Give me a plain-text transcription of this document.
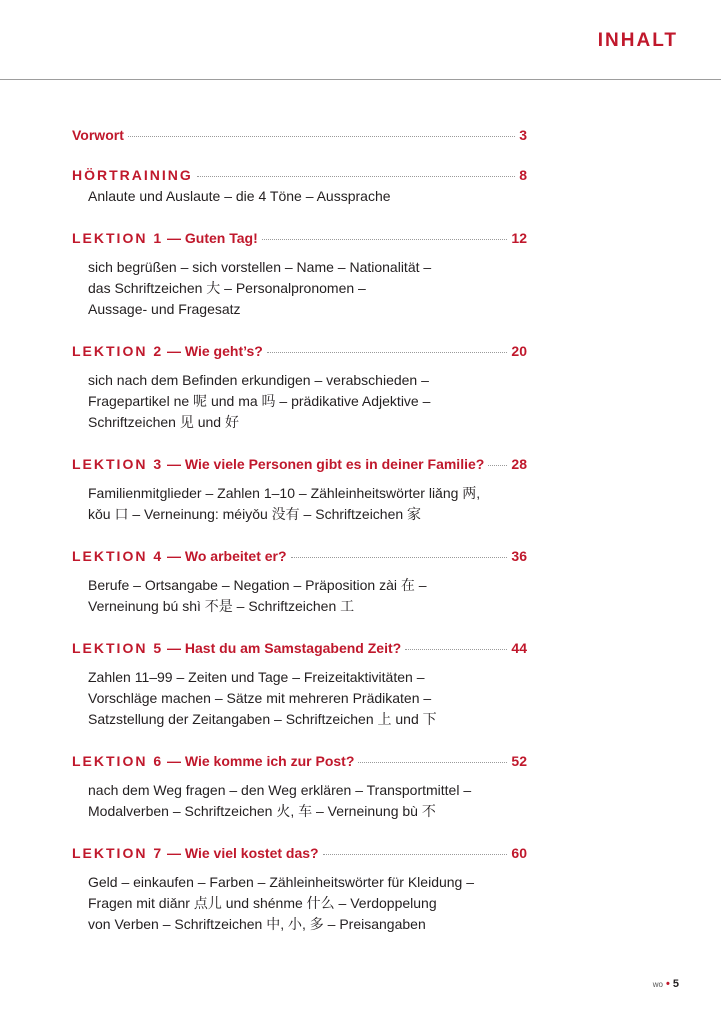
INHALT
Vorwort	3
HÖRTRAINING	8
Anlaute und Auslaute – die 4 Töne – Aussprache
LEKTION 1 — Guten Tag!	12
sich begrüßen – sich vorstellen – Name – Nationalität –
das Schriftzeichen 大 – Personalpronomen –
Aussage- und Fragesatz
LEKTION 2 — Wie geht’s?	20
sich nach dem Befinden erkundigen – verabschieden –
Fragepartikel ne 呢 und ma 吗 – prädikative Adjektive –
Schriftzeichen 见 und 好
LEKTION 3 — Wie viele Personen gibt es in deiner Familie? 28
Familienmitglieder – Zahlen 1–10 – Zähleinheitswörter liǎng 两,
kǒu 口 – Verneinung: méiyǒu 没有 – Schriftzeichen 家
LEKTION 4 — Wo arbeitet er?	36
Berufe – Ortsangabe – Negation – Präposition zài 在 –
Verneinung bú shì 不是 – Schriftzeichen 工
LEKTION 5 — Hast du am Samstagabend Zeit?	44
Zahlen 11–99 – Zeiten und Tage – Freizeitaktivitäten –
Vorschläge machen – Sätze mit mehreren Prädikaten –
Satzstellung der Zeitangaben – Schriftzeichen 上 und 下
LEKTION 6 — Wie komme ich zur Post?	52
nach dem Weg fragen – den Weg erklären – Transportmittel –
Modalverben – Schriftzeichen 火, 车 – Verneinung bù 不
LEKTION 7 — Wie viel kostet das?	60
Geld – einkaufen – Farben – Zähleinheitswörter für Kleidung –
Fragen mit diǎnr 点儿 und shénme 什么 – Verdoppelung
von Verben – Schriftzeichen 中, 小, 多 – Preisangaben
wo • 5
